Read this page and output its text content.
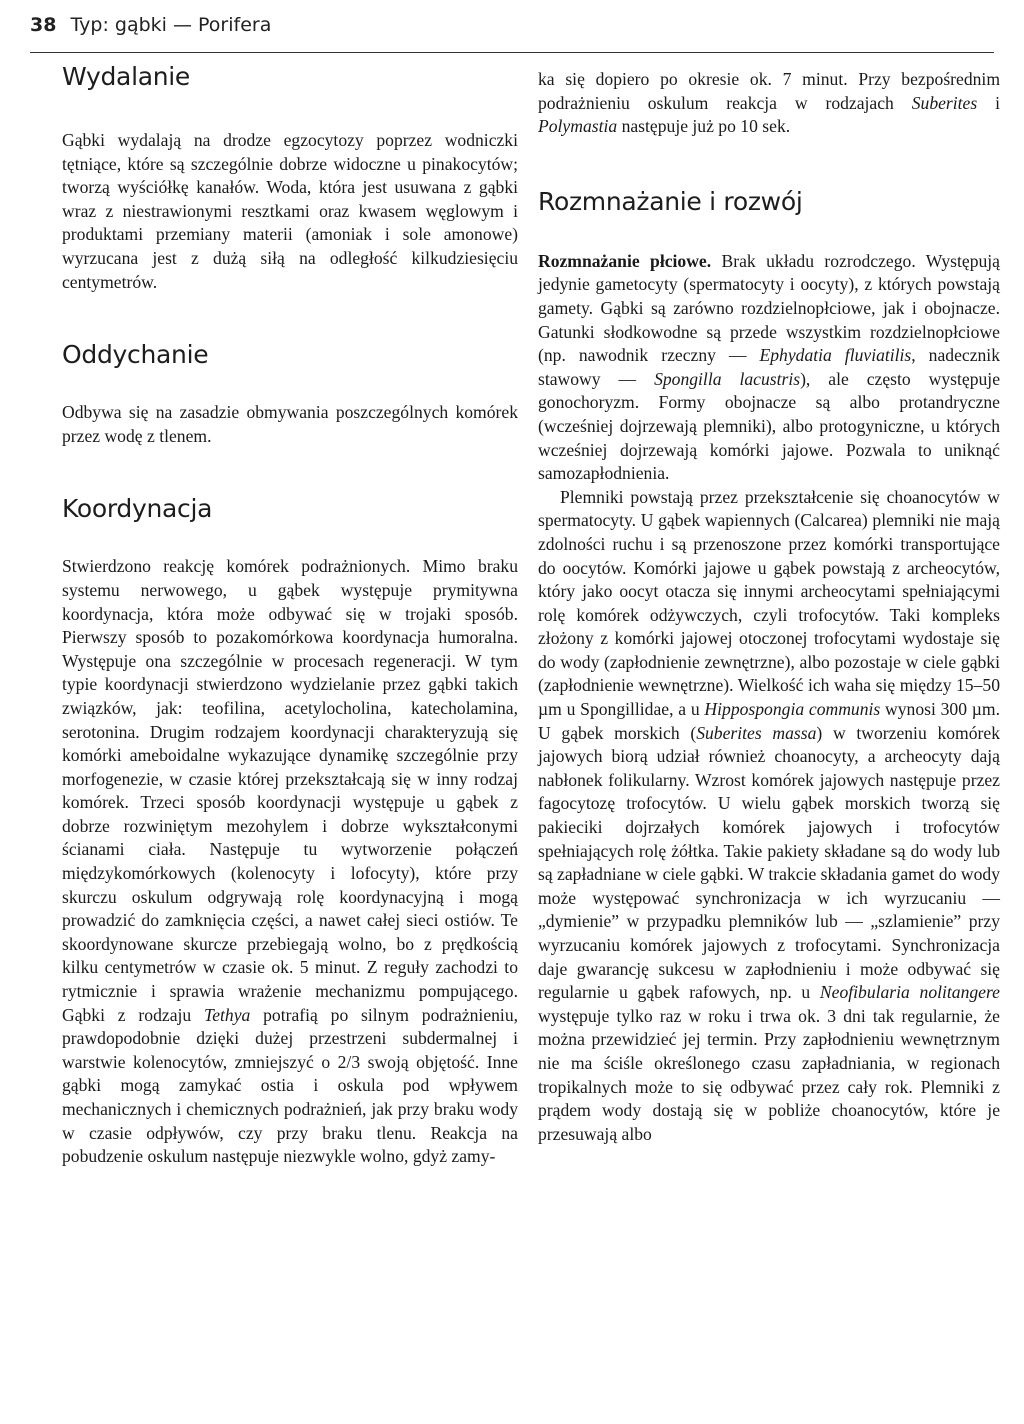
38 Typ: gąbki — Porifera
Wydalanie

Gąbki wydalają na drodze egzocytozy poprzez wodniczki tętniące, które są szczególnie dobrze widoczne u pinakocytów; tworzą wyściółkę kanałów. Woda, która jest usuwana z gąbki wraz z niestrawionymi resztkami oraz kwasem węglowym i produktami przemiany materii (amoniak i sole amonowe) wyrzucana jest z dużą siłą na odległość kilkudziesięciu centymetrów.

Oddychanie

Odbywa się na zasadzie obmywania poszczególnych komórek przez wodę z tlenem.

Koordynacja

Stwierdzono reakcję komórek podrażnionych. Mimo braku systemu nerwowego, u gąbek występuje prymitywna koordynacja, która może odbywać się w trojaki sposób. Pierwszy sposób to pozakomórkowa koordynacja humoralna. Występuje ona szczególnie w procesach regeneracji. W tym typie koordynacji stwierdzono wydzielanie przez gąbki takich związków, jak: teofilina, acetylocholina, katecholamina, serotonina. Drugim rodzajem koordynacji charakteryzują się komórki ameboidalne wykazujące dynamikę szczególnie przy morfogenezie, w czasie której przekształcają się w inny rodzaj komórek. Trzeci sposób koordynacji występuje u gąbek z dobrze rozwiniętym mezohylem i dobrze wykształconymi ścianami ciała. Następuje tu wytworzenie połączeń międzykomórkowych (kolenocyty i lofocyty), które przy skurczu oskulum odgrywają rolę koordynacyjną i mogą prowadzić do zamknięcia części, a nawet całej sieci ostiów. Te skoordynowane skurcze przebiegają wolno, bo z prędkością kilku centymetrów w czasie ok. 5 minut. Z reguły zachodzi to rytmicznie i sprawia wrażenie mechanizmu pompującego. Gąbki z rodzaju Tethya potrafią po silnym podrażnieniu, prawdopodobnie dzięki dużej przestrzeni subdermalnej i warstwie kolenocytów, zmniejszyć o 2/3 swoją objętość. Inne gąbki mogą zamykać ostia i oskula pod wpływem mechanicznych i chemicznych podrażnień, jak przy braku wody w czasie odpływów, czy przy braku tlenu. Reakcja na pobudzenie oskulum następuje niezwykle wolno, gdyż zamy-

ka się dopiero po okresie ok. 7 minut. Przy bezpośrednim podrażnieniu oskulum reakcja w rodzajach Suberites i Polymastia następuje już po 10 sek.

Rozmnażanie i rozwój

Rozmnażanie płciowe. Brak układu rozrodczego. Występują jedynie gametocyty (spermatocyty i oocyty), z których powstają gamety. Gąbki są zarówno rozdzielnopłciowe, jak i obojnacze. Gatunki słodkowodne są przede wszystkim rozdzielnopłciowe (np. nawodnik rzeczny — Ephydatia fluviatilis, nadecznik stawowy — Spongilla lacustris), ale często występuje gonochoryzm. Formy obojnacze są albo protandryczne (wcześniej dojrzewają plemniki), albo protogyniczne, u których wcześniej dojrzewają komórki jajowe. Pozwala to uniknąć samozapłodnienia.

Plemniki powstają przez przekształcenie się choanocytów w spermatocyty. U gąbek wapiennych (Calcarea) plemniki nie mają zdolności ruchu i są przenoszone przez komórki transportujące do oocytów. Komórki jajowe u gąbek powstają z archeocytów, który jako oocyt otacza się innymi archeocytami spełniającymi rolę komórek odżywczych, czyli trofocytów. Taki kompleks złożony z komórki jajowej otoczonej trofocytami wydostaje się do wody (zapłodnienie zewnętrzne), albo pozostaje w ciele gąbki (zapłodnienie wewnętrzne). Wielkość ich waha się między 15–50 µm u Spongillidae, a u Hippospongia communis wynosi 300 µm. U gąbek morskich (Suberites massa) w tworzeniu komórek jajowych biorą udział również choanocyty, a archeocyty dają nabłonek folikularny. Wzrost komórek jajowych następuje przez fagocytozę trofocytów. U wielu gąbek morskich tworzą się pakieciki dojrzałych komórek jajowych i trofocytów spełniających rolę żółtka. Takie pakiety składane są do wody lub są zapładniane w ciele gąbki. W trakcie składania gamet do wody może występować synchronizacja w ich wyrzucaniu — „dymienie” w przypadku plemników lub — „szlamienie” przy wyrzucaniu komórek jajowych z trofocytami. Synchronizacja daje gwarancję sukcesu w zapłodnieniu i może odbywać się regularnie u gąbek rafowych, np. u Neofibularia nolitangere występuje tylko raz w roku i trwa ok. 3 dni tak regularnie, że można przewidzieć jej termin. Przy zapłodnieniu wewnętrznym nie ma ściśle określonego czasu zapładniania, w regionach tropikalnych może to się odbywać przez cały rok. Plemniki z prądem wody dostają się w pobliże choanocytów, które je przesuwają albo
